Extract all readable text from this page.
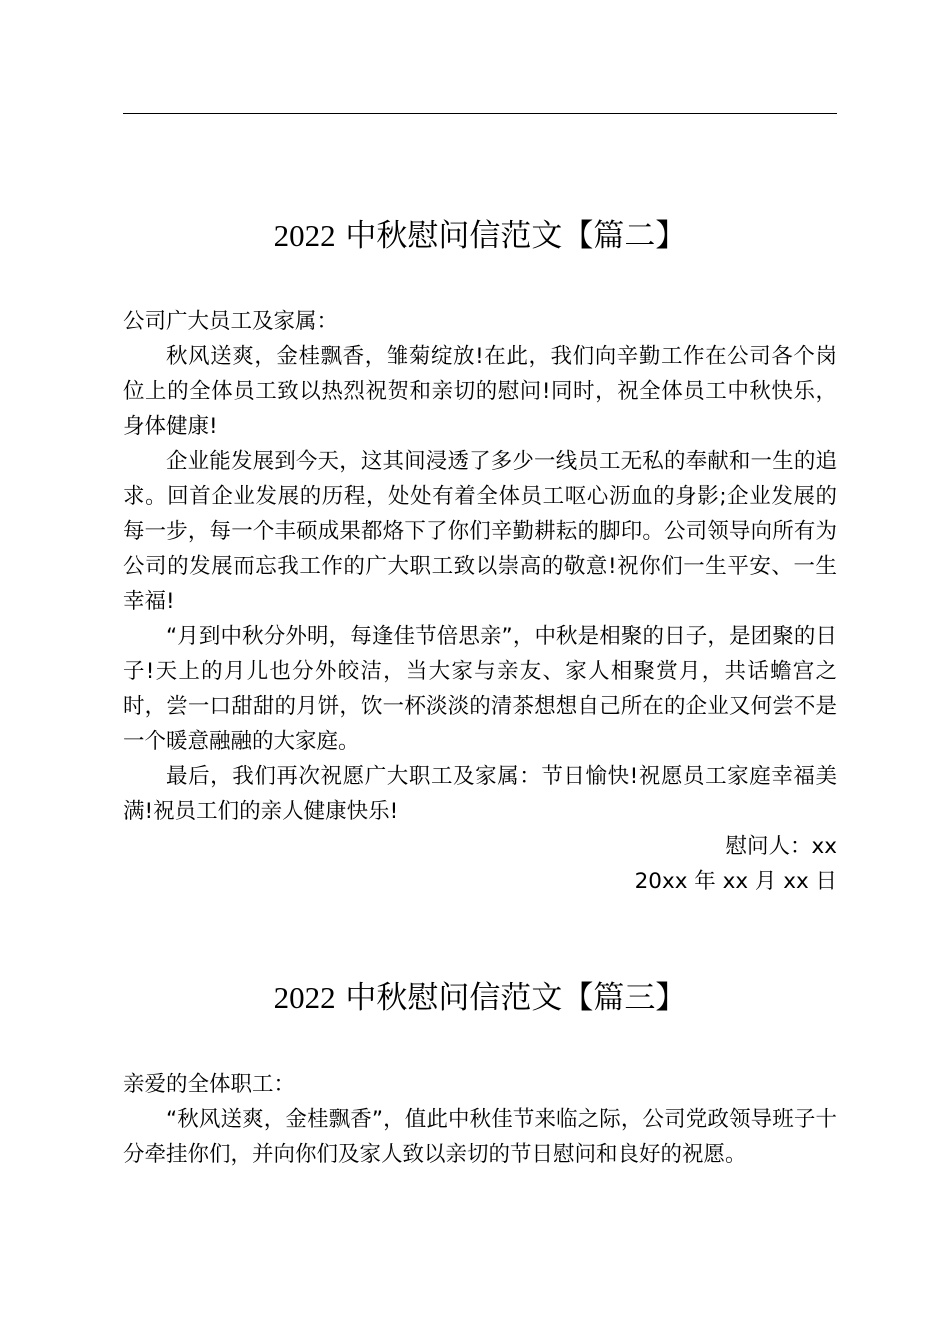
2022 中秋慰问信范文【篇二】

公司广大员工及家属：

秋风送爽，金桂飘香，雏菊绽放!在此，我们向辛勤工作在公司各个岗位上的全体员工致以热烈祝贺和亲切的慰问!同时，祝全体员工中秋快乐，身体健康!

企业能发展到今天，这其间浸透了多少一线员工无私的奉献和一生的追求。回首企业发展的历程，处处有着全体员工呕心沥血的身影;企业发展的每一步，每一个丰硕成果都烙下了你们辛勤耕耘的脚印。公司领导向所有为公司的发展而忘我工作的广大职工致以崇高的敬意!祝你们一生平安、一生幸福!

“月到中秋分外明，每逢佳节倍思亲”，中秋是相聚的日子，是团聚的日子!天上的月儿也分外皎洁，当大家与亲友、家人相聚赏月，共话蟾宫之时，尝一口甜甜的月饼，饮一杯淡淡的清茶想想自己所在的企业又何尝不是一个暖意融融的大家庭。

最后，我们再次祝愿广大职工及家属：节日愉快!祝愿员工家庭幸福美满!祝员工们的亲人健康快乐!

慰问人：xx

20xx 年 xx 月 xx 日

2022 中秋慰问信范文【篇三】

亲爱的全体职工：

“秋风送爽，金桂飘香”，值此中秋佳节来临之际，公司党政领导班子十分牵挂你们，并向你们及家人致以亲切的节日慰问和良好的祝愿。
